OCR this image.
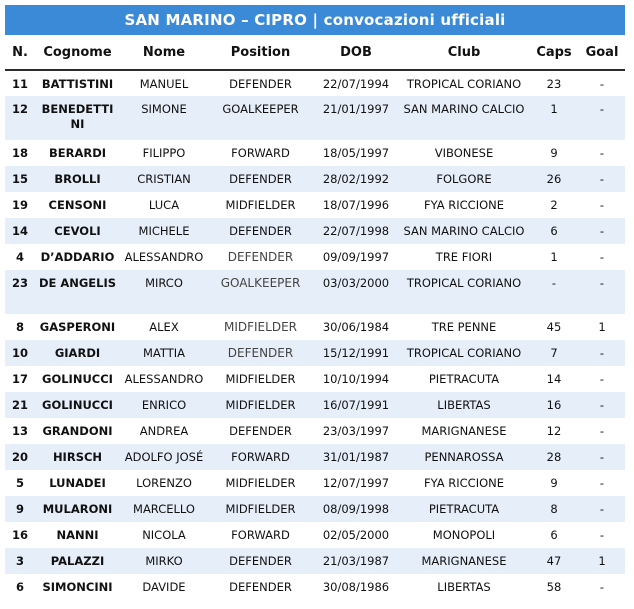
SAN MARINO – CIPRO | convocazioni ufficiali
N.	Cognome	Nome	Position	DOB	Club	Caps	Goal
11	BATTISTINI	MANUEL	DEFENDER	22/07/1994	TROPICAL CORIANO	23	-
12	BENEDETTINI	SIMONE	GOALKEEPER	21/01/1997	SAN MARINO CALCIO	1	-
18	BERARDI	FILIPPO	FORWARD	18/05/1997	VIBONESE	9	-
15	BROLLI	CRISTIAN	DEFENDER	28/02/1992	FOLGORE	26	-
19	CENSONI	LUCA	MIDFIELDER	18/07/1996	FYA RICCIONE	2	-
14	CEVOLI	MICHELE	DEFENDER	22/07/1998	SAN MARINO CALCIO	6	-
4	D’ADDARIO	ALESSANDRO	DEFENDER	09/09/1997	TRE FIORI	1	-
23	DE ANGELIS	MIRCO	GOALKEEPER	03/03/2000	TROPICAL CORIANO	-	-
8	GASPERONI	ALEX	MIDFIELDER	30/06/1984	TRE PENNE	45	1
10	GIARDI	MATTIA	DEFENDER	15/12/1991	TROPICAL CORIANO	7	-
17	GOLINUCCI	ALESSANDRO	MIDFIELDER	10/10/1994	PIETRACUTA	14	-
21	GOLINUCCI	ENRICO	MIDFIELDER	16/07/1991	LIBERTAS	16	-
13	GRANDONI	ANDREA	DEFENDER	23/03/1997	MARIGNANESE	12	-
20	HIRSCH	ADOLFO JOSÉ	FORWARD	31/01/1987	PENNAROSSA	28	-
5	LUNADEI	LORENZO	MIDFIELDER	12/07/1997	FYA RICCIONE	9	-
9	MULARONI	MARCELLO	MIDFIELDER	08/09/1998	PIETRACUTA	8	-
16	NANNI	NICOLA	FORWARD	02/05/2000	MONOPOLI	6	-
3	PALAZZI	MIRKO	DEFENDER	21/03/1987	MARIGNANESE	47	1
6	SIMONCINI	DAVIDE	DEFENDER	30/08/1986	LIBERTAS	58	-
